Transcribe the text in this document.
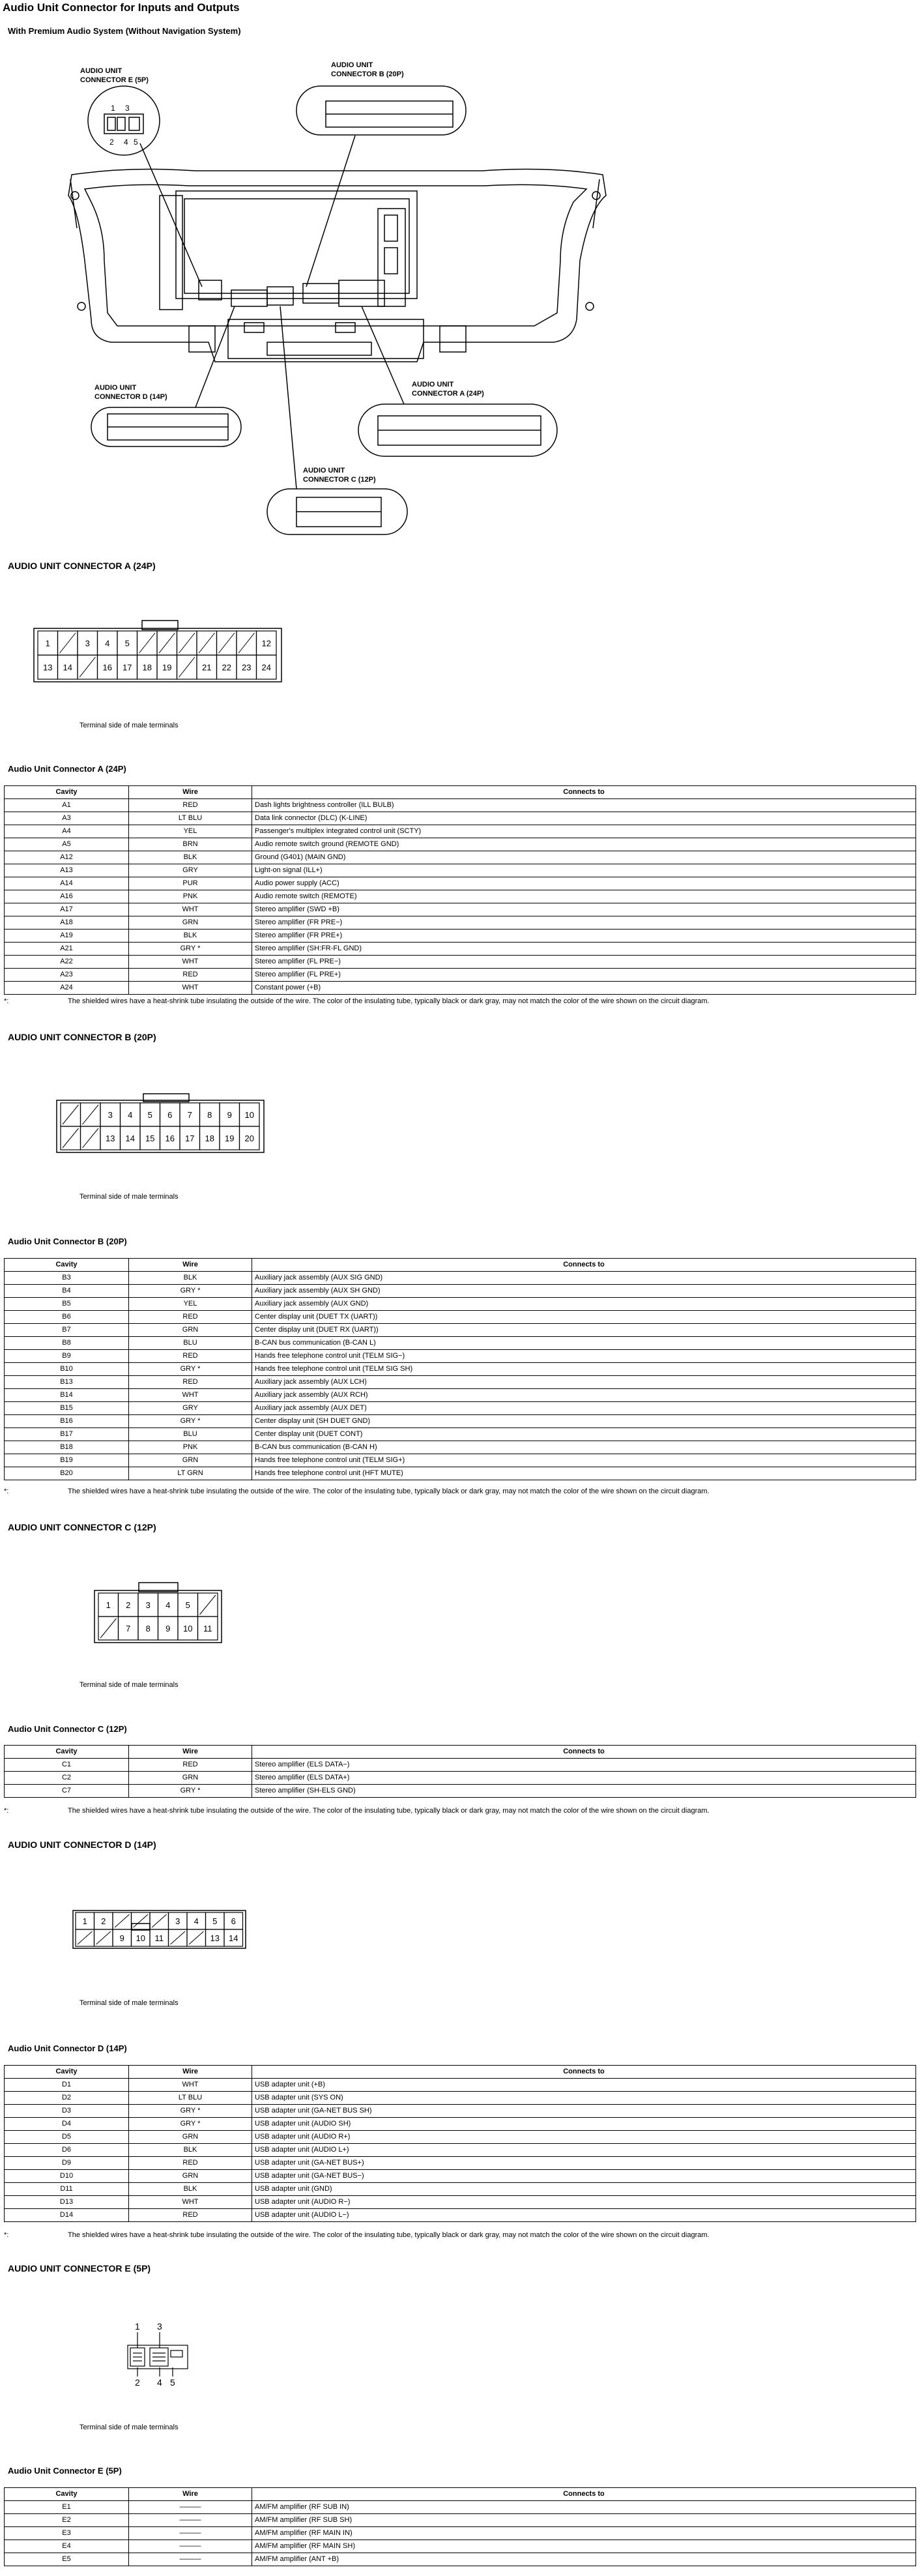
Audio Unit Connector for Inputs and Outputs
With Premium Audio System (Without Navigation System)
AUDIO UNIT
CONNECTOR E (5P)
1 3
2 4 5
AUDIO UNIT
CONNECTOR B (20P)
AUDIO UNIT
CONNECTOR D (14P)
AUDIO UNIT
CONNECTOR A (24P)
AUDIO UNIT
CONNECTOR C (12P)
AUDIO UNIT CONNECTOR A (24P)
1	3 4 5	12
13 14	16 17 18 19	21 22 23 24
Terminal side of male terminals
Audio Unit Connector A (24P)
Cavity	Wire	Connects to
A1	RED	Dash lights brightness controller (ILL BULB)
A3	LT BLU	Data link connector (DLC) (K-LINE)
A4	YEL	Passenger's multiplex integrated control unit (SCTY)
A5	BRN	Audio remote switch ground (REMOTE GND)
A12	BLK	Ground (G401) (MAIN GND)
A13	GRY	Light-on signal (ILL+)
A14	PUR	Audio power supply (ACC)
A16	PNK	Audio remote switch (REMOTE)
A17	WHT	Stereo amplifier (SWD +B)
A18	GRN	Stereo amplifier (FR PRE−)
A19	BLK	Stereo amplifier (FR PRE+)
A21	GRY *	Stereo amplifier (SH:FR-FL GND)
A22	WHT	Stereo amplifier (FL PRE−)
A23	RED	Stereo amplifier (FL PRE+)
A24	WHT	Constant power (+B)
*:	The shielded wires have a heat-shrink tube insulating the outside of the wire. The color of the insulating tube, typically black or dark gray, may not match the color of the wire shown on the circuit diagram.
AUDIO UNIT CONNECTOR B (20P)
3 4 5 6 7 8 9 10
13 14 15 16 17 18 19 20
Terminal side of male terminals
Audio Unit Connector B (20P)
Cavity	Wire	Connects to
B3	BLK	Auxiliary jack assembly (AUX SIG GND)
B4	GRY *	Auxiliary jack assembly (AUX SH GND)
B5	YEL	Auxiliary jack assembly (AUX GND)
B6	RED	Center display unit (DUET TX (UART))
B7	GRN	Center display unit (DUET RX (UART))
B8	BLU	B-CAN bus communication (B-CAN L)
B9	RED	Hands free telephone control unit (TELM SIG−)
B10	GRY *	Hands free telephone control unit (TELM SIG SH)
B13	RED	Auxiliary jack assembly (AUX LCH)
B14	WHT	Auxiliary jack assembly (AUX RCH)
B15	GRY	Auxiliary jack assembly (AUX DET)
B16	GRY *	Center display unit (SH DUET GND)
B17	BLU	Center display unit (DUET CONT)
B18	PNK	B-CAN bus communication (B-CAN H)
B19	GRN	Hands free telephone control unit (TELM SIG+)
B20	LT GRN	Hands free telephone control unit (HFT MUTE)
*:	The shielded wires have a heat-shrink tube insulating the outside of the wire. The color of the insulating tube, typically black or dark gray, may not match the color of the wire shown on the circuit diagram.
AUDIO UNIT CONNECTOR C (12P)
1 2 3 4 5
7 8 9 10 11
Terminal side of male terminals
Audio Unit Connector C (12P)
Cavity	Wire	Connects to
C1	RED	Stereo amplifier (ELS DATA−)
C2	GRN	Stereo amplifier (ELS DATA+)
C7	GRY *	Stereo amplifier (SH-ELS GND)
*:	The shielded wires have a heat-shrink tube insulating the outside of the wire. The color of the insulating tube, typically black or dark gray, may not match the color of the wire shown on the circuit diagram.
AUDIO UNIT CONNECTOR D (14P)
1 2	3 4 5 6
9 10 11	13 14
Terminal side of male terminals
Audio Unit Connector D (14P)
Cavity	Wire	Connects to
D1	WHT	USB adapter unit (+B)
D2	LT BLU	USB adapter unit (SYS ON)
D3	GRY *	USB adapter unit (GA-NET BUS SH)
D4	GRY *	USB adapter unit (AUDIO SH)
D5	GRN	USB adapter unit (AUDIO R+)
D6	BLK	USB adapter unit (AUDIO L+)
D9	RED	USB adapter unit (GA-NET BUS+)
D10	GRN	USB adapter unit (GA-NET BUS−)
D11	BLK	USB adapter unit (GND)
D13	WHT	USB adapter unit (AUDIO R−)
D14	RED	USB adapter unit (AUDIO L−)
*:	The shielded wires have a heat-shrink tube insulating the outside of the wire. The color of the insulating tube, typically black or dark gray, may not match the color of the wire shown on the circuit diagram.
AUDIO UNIT CONNECTOR E (5P)
1 3
2 4 5
Terminal side of male terminals
Audio Unit Connector E (5P)
Cavity	Wire	Connects to
E1	———	AM/FM amplifier (RF SUB IN)
E2	———	AM/FM amplifier (RF SUB SH)
E3	———	AM/FM amplifier (RF MAIN IN)
E4	———	AM/FM amplifier (RF MAIN SH)
E5	———	AM/FM amplifier (ANT +B)
